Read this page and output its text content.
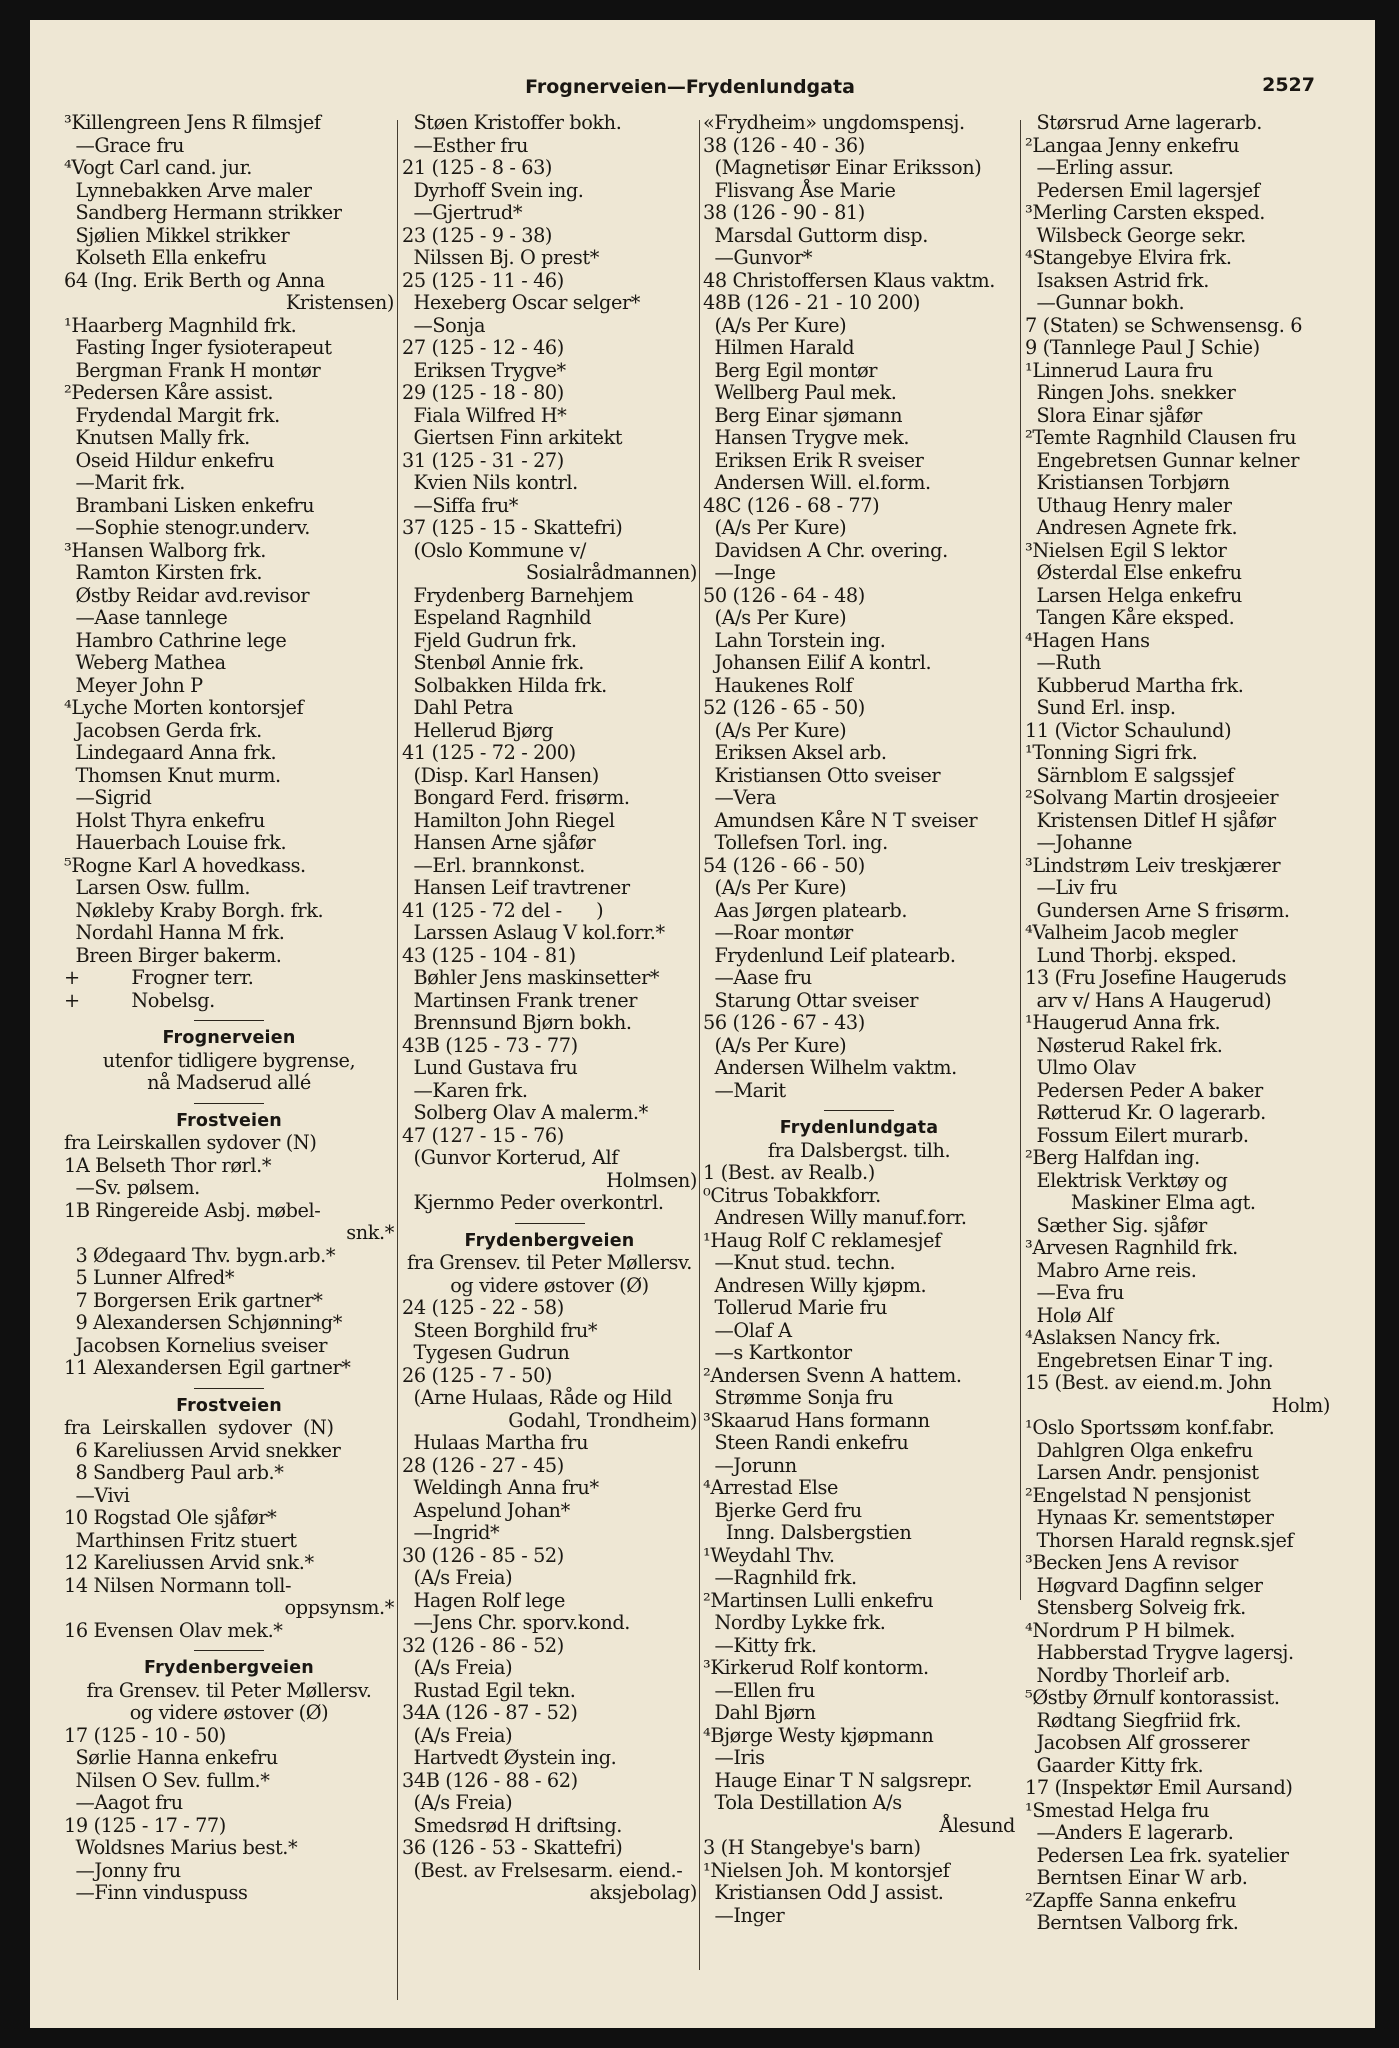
Frognerveien—Frydenlundgata	2527
³Killengreen Jens R filmsjef
—Grace fru
⁴Vogt Carl cand. jur.
Lynnebakken Arve maler
Sandberg Hermann strikker
Sjølien Mikkel strikker
Kolseth Ella enkefru
64 (Ing. Erik Berth og Anna
Kristensen)
¹Haarberg Magnhild frk.
Fasting Inger fysioterapeut
Bergman Frank H montør
²Pedersen Kåre assist.
Frydendal Margit frk.
Knutsen Mally frk.
Oseid Hildur enkefru
—Marit frk.
Brambani Lisken enkefru
—Sophie stenogr.underv.
³Hansen Walborg frk.
Ramton Kirsten frk.
Østby Reidar avd.revisor
—Aase tannlege
Hambro Cathrine lege
Weberg Mathea
Meyer John P
⁴Lyche Morten kontorsjef
Jacobsen Gerda frk.
Lindegaard Anna frk.
Thomsen Knut murm.
—Sigrid
Holst Thyra enkefru
Hauerbach Louise frk.
⁵Rogne Karl A hovedkass.
Larsen Osw. fullm.
Nøkleby Kraby Borgh. frk.
Nordahl Hanna M frk.
Breen Birger bakerm.
+         Frogner terr.
+         Nobelsg.
Frognerveien
utenfor tidligere bygrense,
nå Madserud allé
Frostveien
fra Leirskallen sydover (N)
1A Belseth Thor rørl.*
—Sv. pølsem.
1B Ringereide Asbj. møbel-
snk.*
3 Ødegaard Thv. bygn.arb.*
5 Lunner Alfred*
7 Borgersen Erik gartner*
9 Alexandersen Schjønning*
Jacobsen Kornelius sveiser
11 Alexandersen Egil gartner*
Frostveien
fra  Leirskallen  sydover  (N)
6 Kareliussen Arvid snekker
8 Sandberg Paul arb.*
—Vivi
10 Rogstad Ole sjåfør*
Marthinsen Fritz stuert
12 Kareliussen Arvid snk.*
14 Nilsen Normann toll-
oppsynsm.*
16 Evensen Olav mek.*
Frydenbergveien
fra Grensev. til Peter Møllersv.
og videre østover (Ø)
17 (125 - 10 - 50)
Sørlie Hanna enkefru
Nilsen O Sev. fullm.*
—Aagot fru
19 (125 - 17 - 77)
Woldsnes Marius best.*
—Jonny fru
—Finn vinduspuss
Støen Kristoffer bokh.
—Esther fru
21 (125 - 8 - 63)
Dyrhoff Svein ing.
—Gjertrud*
23 (125 - 9 - 38)
Nilssen Bj. O prest*
25 (125 - 11 - 46)
Hexeberg Oscar selger*
—Sonja
27 (125 - 12 - 46)
Eriksen Trygve*
29 (125 - 18 - 80)
Fiala Wilfred H*
Giertsen Finn arkitekt
31 (125 - 31 - 27)
Kvien Nils kontrl.
—Siffa fru*
37 (125 - 15 - Skattefri)
(Oslo Kommune v/
Sosialrådmannen)
Frydenberg Barnehjem
Espeland Ragnhild
Fjeld Gudrun frk.
Stenbøl Annie frk.
Solbakken Hilda frk.
Dahl Petra
Hellerud Bjørg
41 (125 - 72 - 200)
(Disp. Karl Hansen)
Bongard Ferd. frisørm.
Hamilton John Riegel
Hansen Arne sjåfør
—Erl. brannkonst.
Hansen Leif travtrener
41 (125 - 72 del -      )
Larssen Aslaug V kol.forr.*
43 (125 - 104 - 81)
Bøhler Jens maskinsetter*
Martinsen Frank trener
Brennsund Bjørn bokh.
43B (125 - 73 - 77)
Lund Gustava fru
—Karen frk.
Solberg Olav A malerm.*
47 (127 - 15 - 76)
(Gunvor Korterud, Alf
Holmsen)
Kjernmo Peder overkontrl.
Frydenbergveien
fra Grensev. til Peter Møllersv.
og videre østover (Ø)
24 (125 - 22 - 58)
Steen Borghild fru*
Tygesen Gudrun
26 (125 - 7 - 50)
(Arne Hulaas, Råde og Hild
Godahl, Trondheim)
Hulaas Martha fru
28 (126 - 27 - 45)
Weldingh Anna fru*
Aspelund Johan*
—Ingrid*
30 (126 - 85 - 52)
(A/s Freia)
Hagen Rolf lege
—Jens Chr. sporv.kond.
32 (126 - 86 - 52)
(A/s Freia)
Rustad Egil tekn.
34A (126 - 87 - 52)
(A/s Freia)
Hartvedt Øystein ing.
34B (126 - 88 - 62)
(A/s Freia)
Smedsrød H driftsing.
36 (126 - 53 - Skattefri)
(Best. av Frelsesarm. eiend.-
aksjebolag)
«Frydheim» ungdomspensj.
38 (126 - 40 - 36)
(Magnetisør Einar Eriksson)
Flisvang Åse Marie
38 (126 - 90 - 81)
Marsdal Guttorm disp.
—Gunvor*
48 Christoffersen Klaus vaktm.
48B (126 - 21 - 10 200)
(A/s Per Kure)
Hilmen Harald
Berg Egil montør
Wellberg Paul mek.
Berg Einar sjømann
Hansen Trygve mek.
Eriksen Erik R sveiser
Andersen Will. el.form.
48C (126 - 68 - 77)
(A/s Per Kure)
Davidsen A Chr. overing.
—Inge
50 (126 - 64 - 48)
(A/s Per Kure)
Lahn Torstein ing.
Johansen Eilif A kontrl.
Haukenes Rolf
52 (126 - 65 - 50)
(A/s Per Kure)
Eriksen Aksel arb.
Kristiansen Otto sveiser
—Vera
Amundsen Kåre N T sveiser
Tollefsen Torl. ing.
54 (126 - 66 - 50)
(A/s Per Kure)
Aas Jørgen platearb.
—Roar montør
Frydenlund Leif platearb.
—Aase fru
Starung Ottar sveiser
56 (126 - 67 - 43)
(A/s Per Kure)
Andersen Wilhelm vaktm.
—Marit
Frydenlundgata
fra Dalsbergst. tilh.
1 (Best. av Realb.)
⁰Citrus Tobakkforr.
Andresen Willy manuf.forr.
¹Haug Rolf C reklamesjef
—Knut stud. techn.
Andresen Willy kjøpm.
Tollerud Marie fru
—Olaf A
—s Kartkontor
²Andersen Svenn A hattem.
Strømme Sonja fru
³Skaarud Hans formann
Steen Randi enkefru
—Jorunn
⁴Arrestad Else
Bjerke Gerd fru
Inng. Dalsbergstien
¹Weydahl Thv.
—Ragnhild frk.
²Martinsen Lulli enkefru
Nordby Lykke frk.
—Kitty frk.
³Kirkerud Rolf kontorm.
—Ellen fru
Dahl Bjørn
⁴Bjørge Westy kjøpmann
—Iris
Hauge Einar T N salgsrepr.
Tola Destillation A/s
Ålesund
3 (H Stangebye's barn)
¹Nielsen Joh. M kontorsjef
Kristiansen Odd J assist.
—Inger
Størsrud Arne lagerarb.
²Langaa Jenny enkefru
—Erling assur.
Pedersen Emil lagersjef
³Merling Carsten eksped.
Wilsbeck George sekr.
⁴Stangebye Elvira frk.
Isaksen Astrid frk.
—Gunnar bokh.
7 (Staten) se Schwensensg. 6
9 (Tannlege Paul J Schie)
¹Linnerud Laura fru
Ringen Johs. snekker
Slora Einar sjåfør
²Temte Ragnhild Clausen fru
Engebretsen Gunnar kelner
Kristiansen Torbjørn
Uthaug Henry maler
Andresen Agnete frk.
³Nielsen Egil S lektor
Østerdal Else enkefru
Larsen Helga enkefru
Tangen Kåre eksped.
⁴Hagen Hans
—Ruth
Kubberud Martha frk.
Sund Erl. insp.
11 (Victor Schaulund)
¹Tonning Sigri frk.
Särnblom E salgssjef
²Solvang Martin drosjeeier
Kristensen Ditlef H sjåfør
—Johanne
³Lindstrøm Leiv treskjærer
—Liv fru
Gundersen Arne S frisørm.
⁴Valheim Jacob megler
Lund Thorbj. eksped.
13 (Fru Josefine Haugeruds
arv v/ Hans A Haugerud)
¹Haugerud Anna frk.
Nøsterud Rakel frk.
Ulmo Olav
Pedersen Peder A baker
Røtterud Kr. O lagerarb.
Fossum Eilert murarb.
²Berg Halfdan ing.
Elektrisk Verktøy og
Maskiner Elma agt.
Sæther Sig. sjåfør
³Arvesen Ragnhild frk.
Mabro Arne reis.
—Eva fru
Holø Alf
⁴Aslaksen Nancy frk.
Engebretsen Einar T ing.
15 (Best. av eiend.m. John
Holm)
¹Oslo Sportssøm konf.fabr.
Dahlgren Olga enkefru
Larsen Andr. pensjonist
²Engelstad N pensjonist
Hynaas Kr. sementstøper
Thorsen Harald regnsk.sjef
³Becken Jens A revisor
Høgvard Dagfinn selger
Stensberg Solveig frk.
⁴Nordrum P H bilmek.
Habberstad Trygve lagersj.
Nordby Thorleif arb.
⁵Østby Ørnulf kontorassist.
Rødtang Siegfriid frk.
Jacobsen Alf grosserer
Gaarder Kitty frk.
17 (Inspektør Emil Aursand)
¹Smestad Helga fru
—Anders E lagerarb.
Pedersen Lea frk. syatelier
Berntsen Einar W arb.
²Zapffe Sanna enkefru
Berntsen Valborg frk.
